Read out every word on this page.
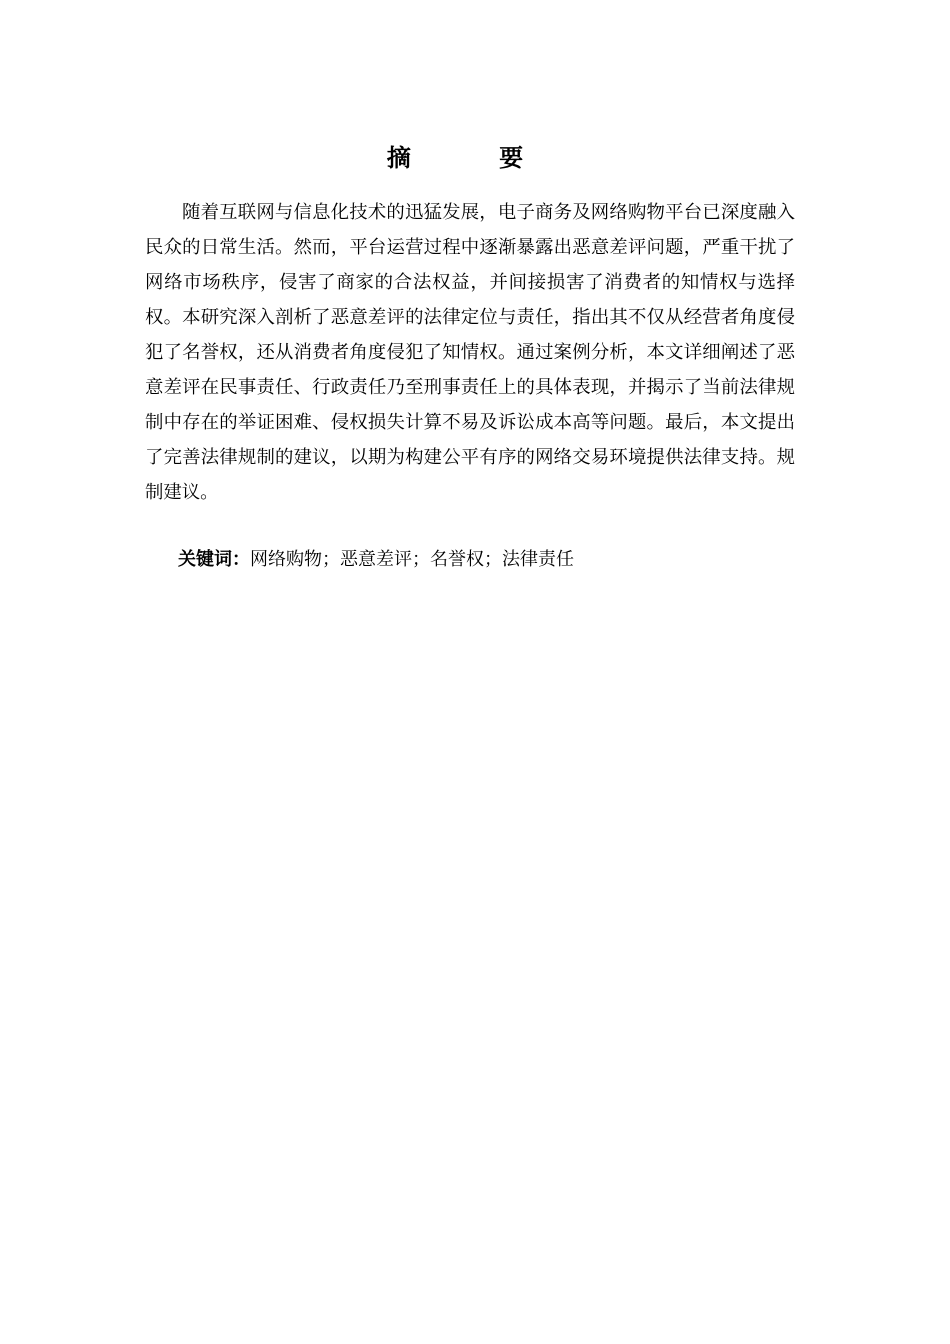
摘 要

随着互联网与信息化技术的迅猛发展，电子商务及网络购物平台已深度融入民众的日常生活。然而，平台运营过程中逐渐暴露出恶意差评问题，严重干扰了网络市场秩序，侵害了商家的合法权益，并间接损害了消费者的知情权与选择权。本研究深入剖析了恶意差评的法律定位与责任，指出其不仅从经营者角度侵犯了名誉权，还从消费者角度侵犯了知情权。通过案例分析，本文详细阐述了恶意差评在民事责任、行政责任乃至刑事责任上的具体表现，并揭示了当前法律规制中存在的举证困难、侵权损失计算不易及诉讼成本高等问题。最后，本文提出了完善法律规制的建议，以期为构建公平有序的网络交易环境提供法律支持。规制建议。

关键词：网络购物；恶意差评；名誉权；法律责任
